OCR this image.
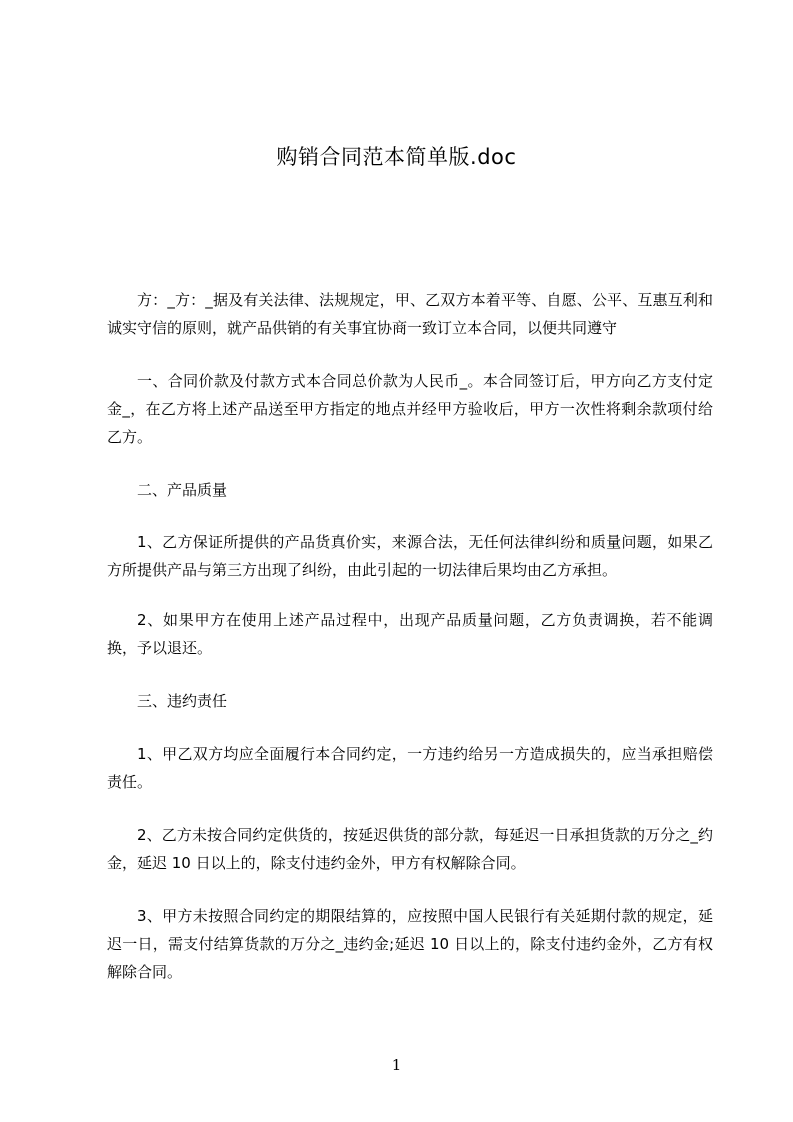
购销合同范本简单版.doc

方：_方：_据及有关法律、法规规定，甲、乙双方本着平等、自愿、公平、互惠互利和诚实守信的原则，就产品供销的有关事宜协商一致订立本合同，以便共同遵守

一、合同价款及付款方式本合同总价款为人民币_。本合同签订后，甲方向乙方支付定金_，在乙方将上述产品送至甲方指定的地点并经甲方验收后，甲方一次性将剩余款项付给乙方。

二、产品质量

1、乙方保证所提供的产品货真价实，来源合法，无任何法律纠纷和质量问题，如果乙方所提供产品与第三方出现了纠纷，由此引起的一切法律后果均由乙方承担。

2、如果甲方在使用上述产品过程中，出现产品质量问题，乙方负责调换，若不能调换，予以退还。

三、违约责任

1、甲乙双方均应全面履行本合同约定，一方违约给另一方造成损失的，应当承担赔偿责任。

2、乙方未按合同约定供货的，按延迟供货的部分款，每延迟一日承担货款的万分之_约金，延迟 10 日以上的，除支付违约金外，甲方有权解除合同。

3、甲方未按照合同约定的期限结算的，应按照中国人民银行有关延期付款的规定，延迟一日，需支付结算货款的万分之_违约金;延迟 10 日以上的，除支付违约金外，乙方有权解除合同。

1
